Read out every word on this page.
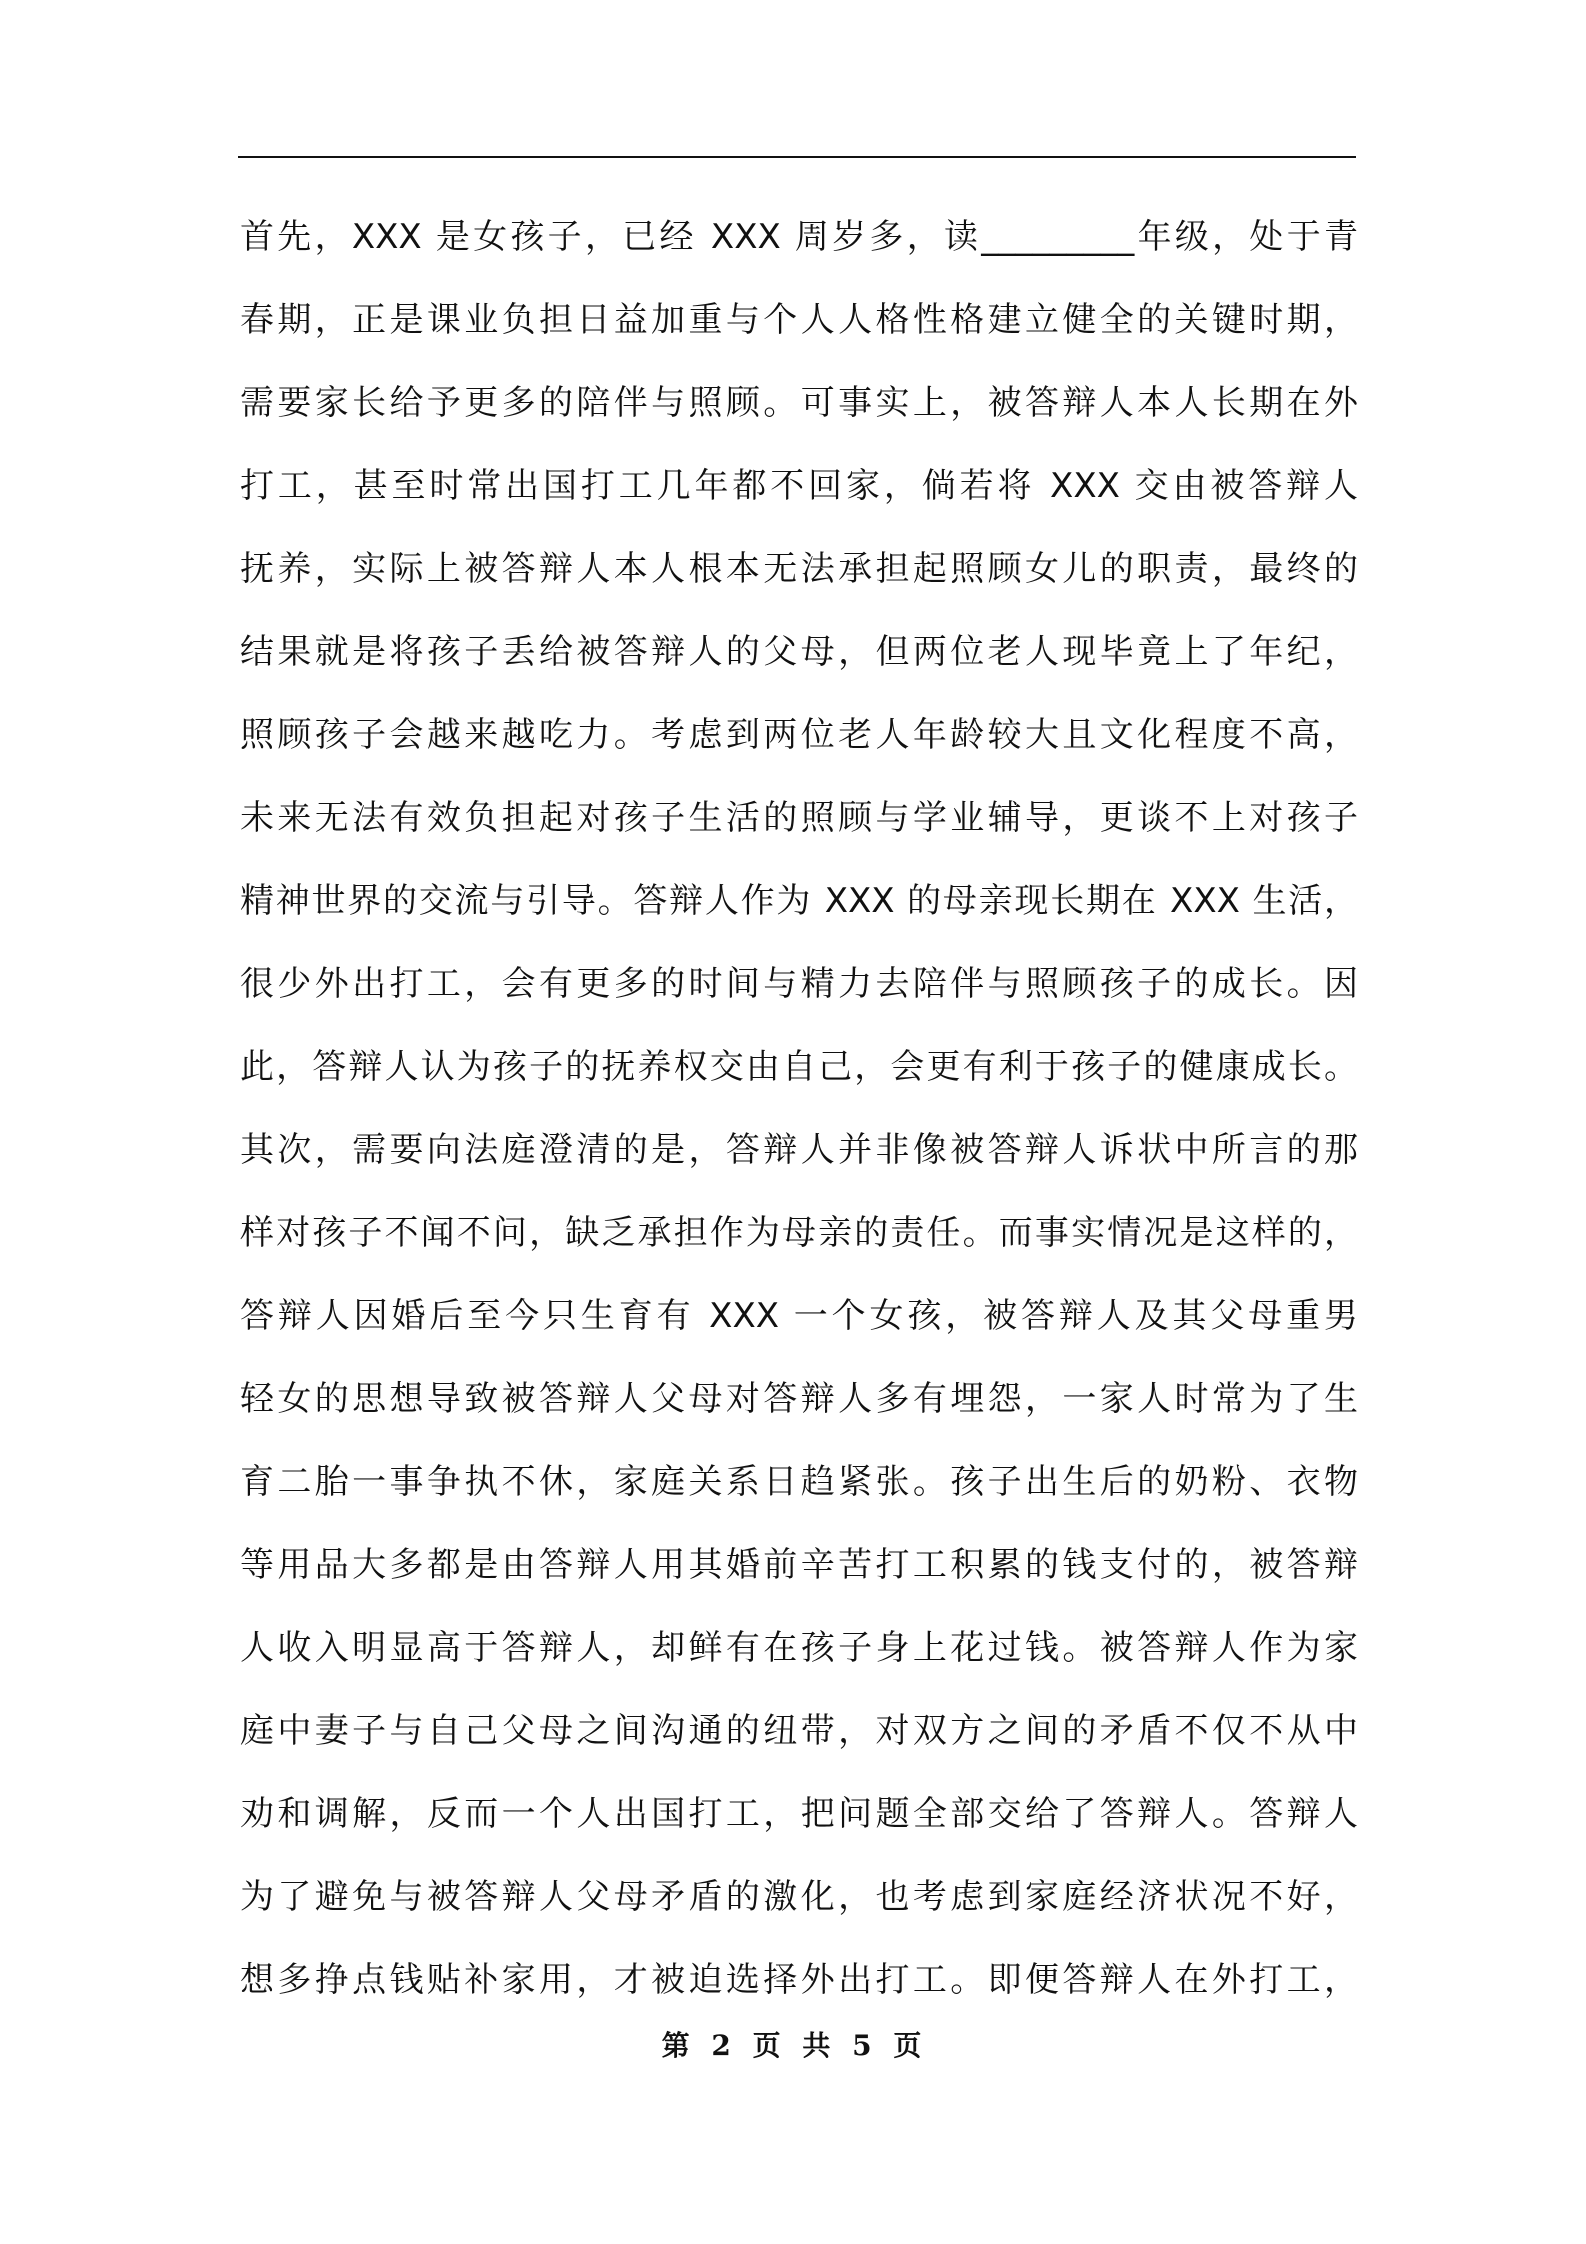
首先，XXX 是女孩子，已经 XXX 周岁多，读_________年级，处于青
春期，正是课业负担日益加重与个人人格性格建立健全的关键时期，
需要家长给予更多的陪伴与照顾。可事实上，被答辩人本人长期在外
打工，甚至时常出国打工几年都不回家，倘若将 XXX 交由被答辩人
抚养，实际上被答辩人本人根本无法承担起照顾女儿的职责，最终的
结果就是将孩子丢给被答辩人的父母，但两位老人现毕竟上了年纪，
照顾孩子会越来越吃力。考虑到两位老人年龄较大且文化程度不高，
未来无法有效负担起对孩子生活的照顾与学业辅导，更谈不上对孩子
精神世界的交流与引导。答辩人作为 XXX 的母亲现长期在 XXX 生活，
很少外出打工，会有更多的时间与精力去陪伴与照顾孩子的成长。因
此，答辩人认为孩子的抚养权交由自己，会更有利于孩子的健康成长。
其次，需要向法庭澄清的是，答辩人并非像被答辩人诉状中所言的那
样对孩子不闻不问，缺乏承担作为母亲的责任。而事实情况是这样的，
答辩人因婚后至今只生育有 XXX 一个女孩，被答辩人及其父母重男
轻女的思想导致被答辩人父母对答辩人多有埋怨，一家人时常为了生
育二胎一事争执不休，家庭关系日趋紧张。孩子出生后的奶粉、衣物
等用品大多都是由答辩人用其婚前辛苦打工积累的钱支付的，被答辩
人收入明显高于答辩人，却鲜有在孩子身上花过钱。被答辩人作为家
庭中妻子与自己父母之间沟通的纽带，对双方之间的矛盾不仅不从中
劝和调解，反而一个人出国打工，把问题全部交给了答辩人。答辩人
为了避免与被答辩人父母矛盾的激化，也考虑到家庭经济状况不好，
想多挣点钱贴补家用，才被迫选择外出打工。即便答辩人在外打工，
第 2 页 共 5 页
